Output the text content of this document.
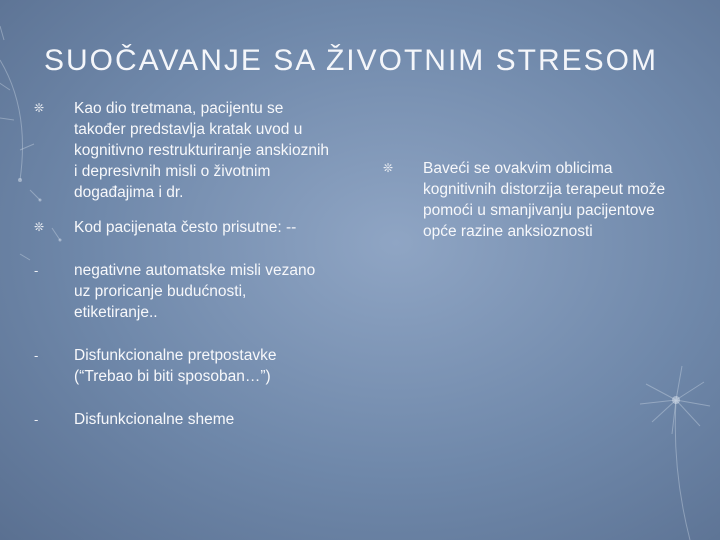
SUOČAVANJE SA ŽIVOTNIM STRESOM
❊	Kao dio tretmana, pacijentu se također predstavlja kratak uvod u kognitivno restrukturiranje anskioznih i depresivnih misli o životnim događajima i dr.
❊	Kod pacijenata često prisutne: --
-	negativne automatske misli vezano uz proricanje budućnosti, etiketiranje..
-	Disfunkcionalne pretpostavke (“Trebao bi biti sposoban…”)
-	Disfunkcionalne sheme
❊	Baveći se ovakvim oblicima kognitivnih distorzija terapeut može pomoći u smanjivanju pacijentove opće razine anksioznosti
